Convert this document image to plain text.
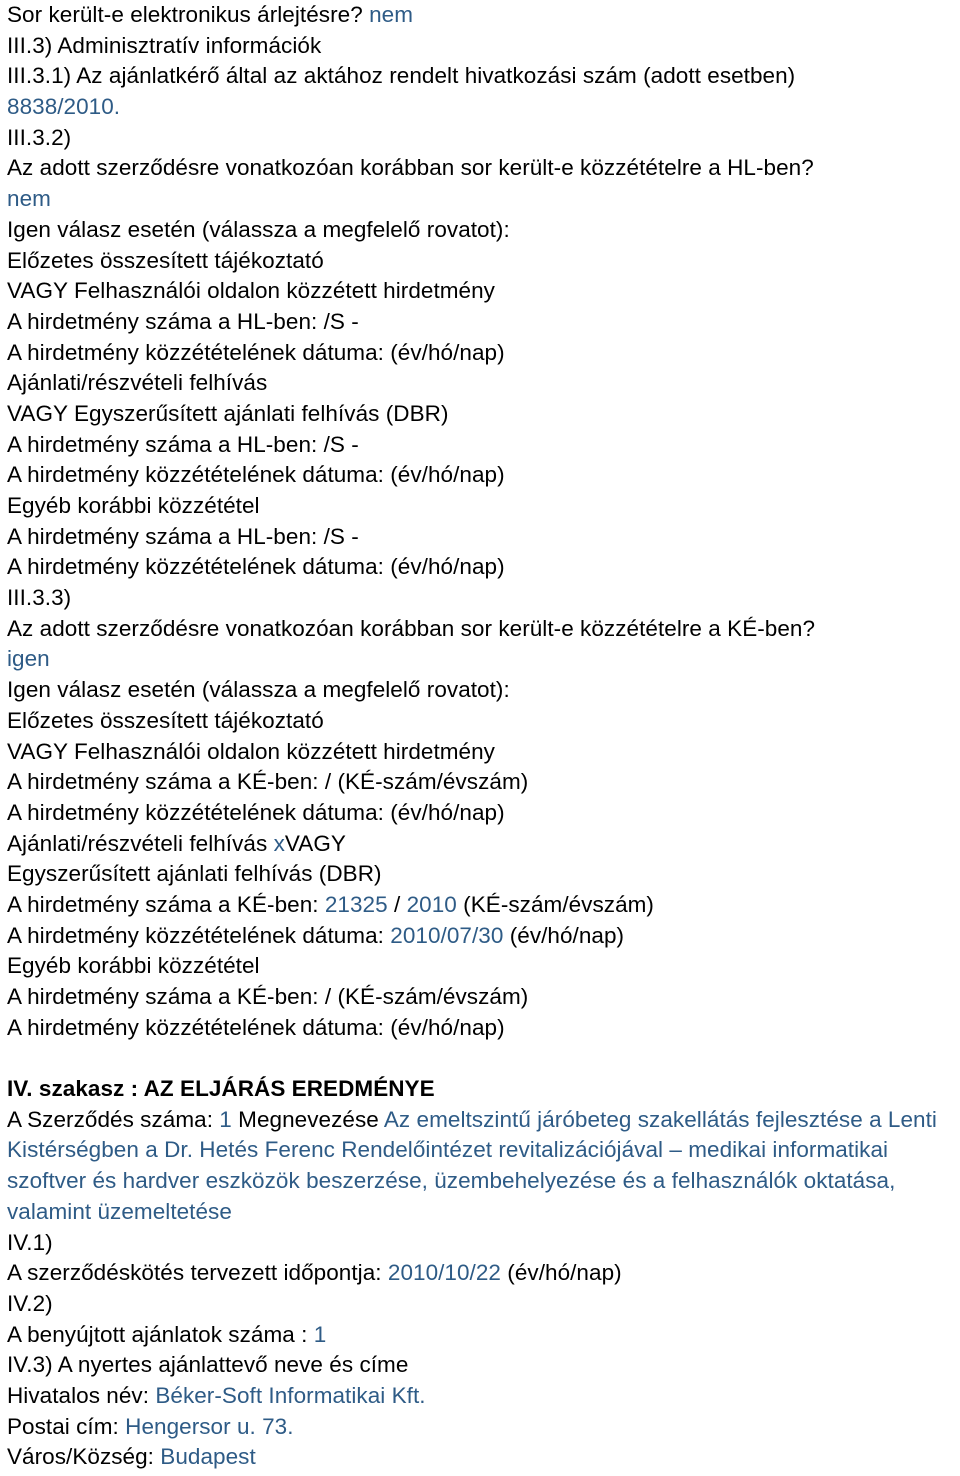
Sor került-e elektronikus árlejtésre? nem
III.3) Adminisztratív információk
III.3.1) Az ajánlatkérő által az aktához rendelt hivatkozási szám (adott esetben)
8838/2010.
III.3.2)
Az adott szerződésre vonatkozóan korábban sor került-e közzétételre a HL-ben?
nem
Igen válasz esetén (válassza a megfelelő rovatot):
Előzetes összesített tájékoztató
VAGY Felhasználói oldalon közzétett hirdetmény
A hirdetmény száma a HL-ben: /S -
A hirdetmény közzétételének dátuma: (év/hó/nap)
Ajánlati/részvételi felhívás
VAGY Egyszerűsített ajánlati felhívás (DBR)
A hirdetmény száma a HL-ben: /S -
A hirdetmény közzétételének dátuma: (év/hó/nap)
Egyéb korábbi közzététel
A hirdetmény száma a HL-ben: /S -
A hirdetmény közzétételének dátuma: (év/hó/nap)
III.3.3)
Az adott szerződésre vonatkozóan korábban sor került-e közzétételre a KÉ-ben?
igen
Igen válasz esetén (válassza a megfelelő rovatot):
Előzetes összesített tájékoztató
VAGY Felhasználói oldalon közzétett hirdetmény
A hirdetmény száma a KÉ-ben: / (KÉ-szám/évszám)
A hirdetmény közzétételének dátuma: (év/hó/nap)
Ajánlati/részvételi felhívás xVAGY
Egyszerűsített ajánlati felhívás (DBR)
A hirdetmény száma a KÉ-ben: 21325 / 2010 (KÉ-szám/évszám)
A hirdetmény közzétételének dátuma: 2010/07/30 (év/hó/nap)
Egyéb korábbi közzététel
A hirdetmény száma a KÉ-ben: / (KÉ-szám/évszám)
A hirdetmény közzétételének dátuma: (év/hó/nap)
IV. szakasz : AZ ELJÁRÁS EREDMÉNYE
A Szerződés száma: 1 Megnevezése Az emeltszintű járóbeteg szakellátás fejlesztése a Lenti Kistérségben a Dr. Hetés Ferenc Rendelőintézet revitalizációjával – medikai informatikai szoftver és hardver eszközök beszerzése, üzembehelyezése és a felhasználók oktatása, valamint üzemeltetése
IV.1)
A szerződéskötés tervezett időpontja: 2010/10/22 (év/hó/nap)
IV.2)
A benyújtott ajánlatok száma : 1
IV.3) A nyertes ajánlattevő neve és címe
Hivatalos név: Béker-Soft Informatikai Kft.
Postai cím: Hengersor u. 73.
Város/Község: Budapest
